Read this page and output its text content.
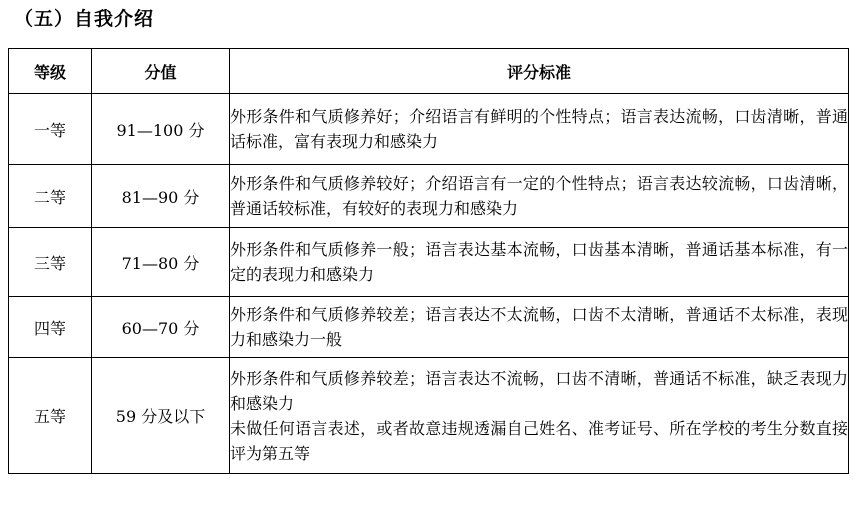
（五）自我介绍
等级	分值	评分标准
一等	91—100 分	外形条件和气质修养好；介绍语言有鲜明的个性特点；语言表达流畅，口齿清晰，普通话标准，富有表现力和感染力

二等	81—90 分	外形条件和气质修养较好；介绍语言有一定的个性特点；语言表达较流畅，口齿清晰，普通话较标准，有较好的表现力和感染力

三等	71—80 分	外形条件和气质修养一般；语言表达基本流畅，口齿基本清晰，普通话基本标准，有一定的表现力和感染力

四等	60—70 分	外形条件和气质修养较差；语言表达不太流畅，口齿不太清晰，普通话不太标准，表现力和感染力一般

五等	59 分及以下	外形条件和气质修养较差；语言表达不流畅，口齿不清晰，普通话不标准，缺乏表现力和感染力
未做任何语言表述，或者故意违规透漏自己姓名、准考证号、所在学校的考生分数直接评为第五等
